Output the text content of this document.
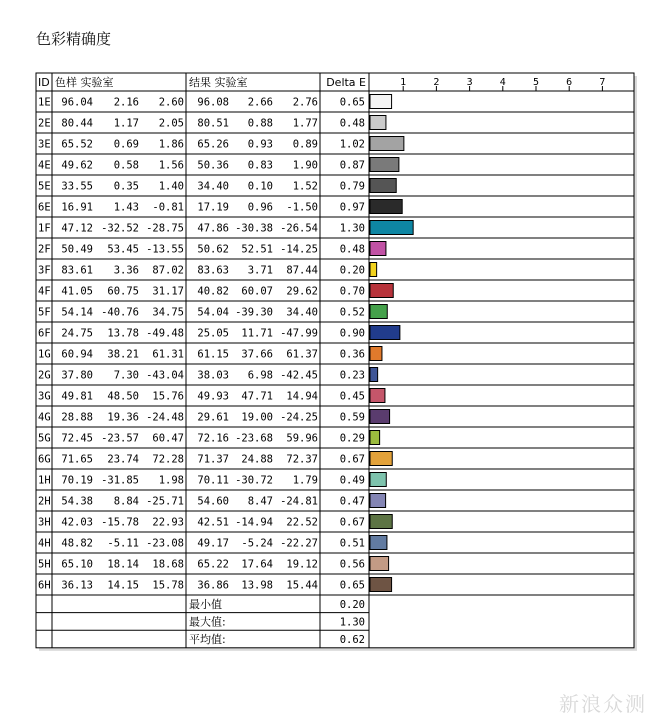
色彩精确度
ID 色样 实验室	结果 实验室	Delta E	1	2	3	4	5	6	7
1E 96.04 2.16 2.60 96.08 2.66 2.76 0.65
2E 80.44 1.17 2.05 80.51 0.88 1.77 0.48
3E 65.52 0.69 1.86 65.26 0.93 0.89 1.02
4E 49.62 0.58 1.56 50.36 0.83 1.90 0.87
5E 33.55 0.35 1.40 34.40 0.10 1.52 0.79
6E 16.91 1.43 -0.81 17.19 0.96 -1.50 0.97
1F 47.12 -32.52 -28.75 47.86 -30.38 -26.54 1.30
2F 50.49 53.45 -13.55 50.62 52.51 -14.25 0.48
3F 83.61 3.36 87.02 83.63 3.71 87.44 0.20
4F 41.05 60.75 31.17 40.82 60.07 29.62 0.70
5F 54.14 -40.76 34.75 54.04 -39.30 34.40 0.52
6F 24.75 13.78 -49.48 25.05 11.71 -47.99 0.90
1G 60.94 38.21 61.31 61.15 37.66 61.37 0.36
2G 37.80 7.30 -43.04 38.03 6.98 -42.45 0.23
3G 49.81 48.50 15.76 49.93 47.71 14.94 0.45
4G 28.88 19.36 -24.48 29.61 19.00 -24.25 0.59
5G 72.45 -23.57 60.47 72.16 -23.68 59.96 0.29
6G 71.65 23.74 72.28 71.37 24.88 72.37 0.67
1H 70.19 -31.85 1.98 70.11 -30.72 1.79 0.49
2H 54.38 8.84 -25.71 54.60 8.47 -24.81 0.47
3H 42.03 -15.78 22.93 42.51 -14.94 22.52 0.67
4H 48.82 -5.11 -23.08 49.17 -5.24 -22.27 0.51
5H 65.10 18.14 18.68 65.22 17.64 19.12 0.56
6H 36.13 14.15 15.78 36.86 13.98 15.44 0.65
最小值	0.20
最大值:	1.30
平均值:	0.62
新浪众测
